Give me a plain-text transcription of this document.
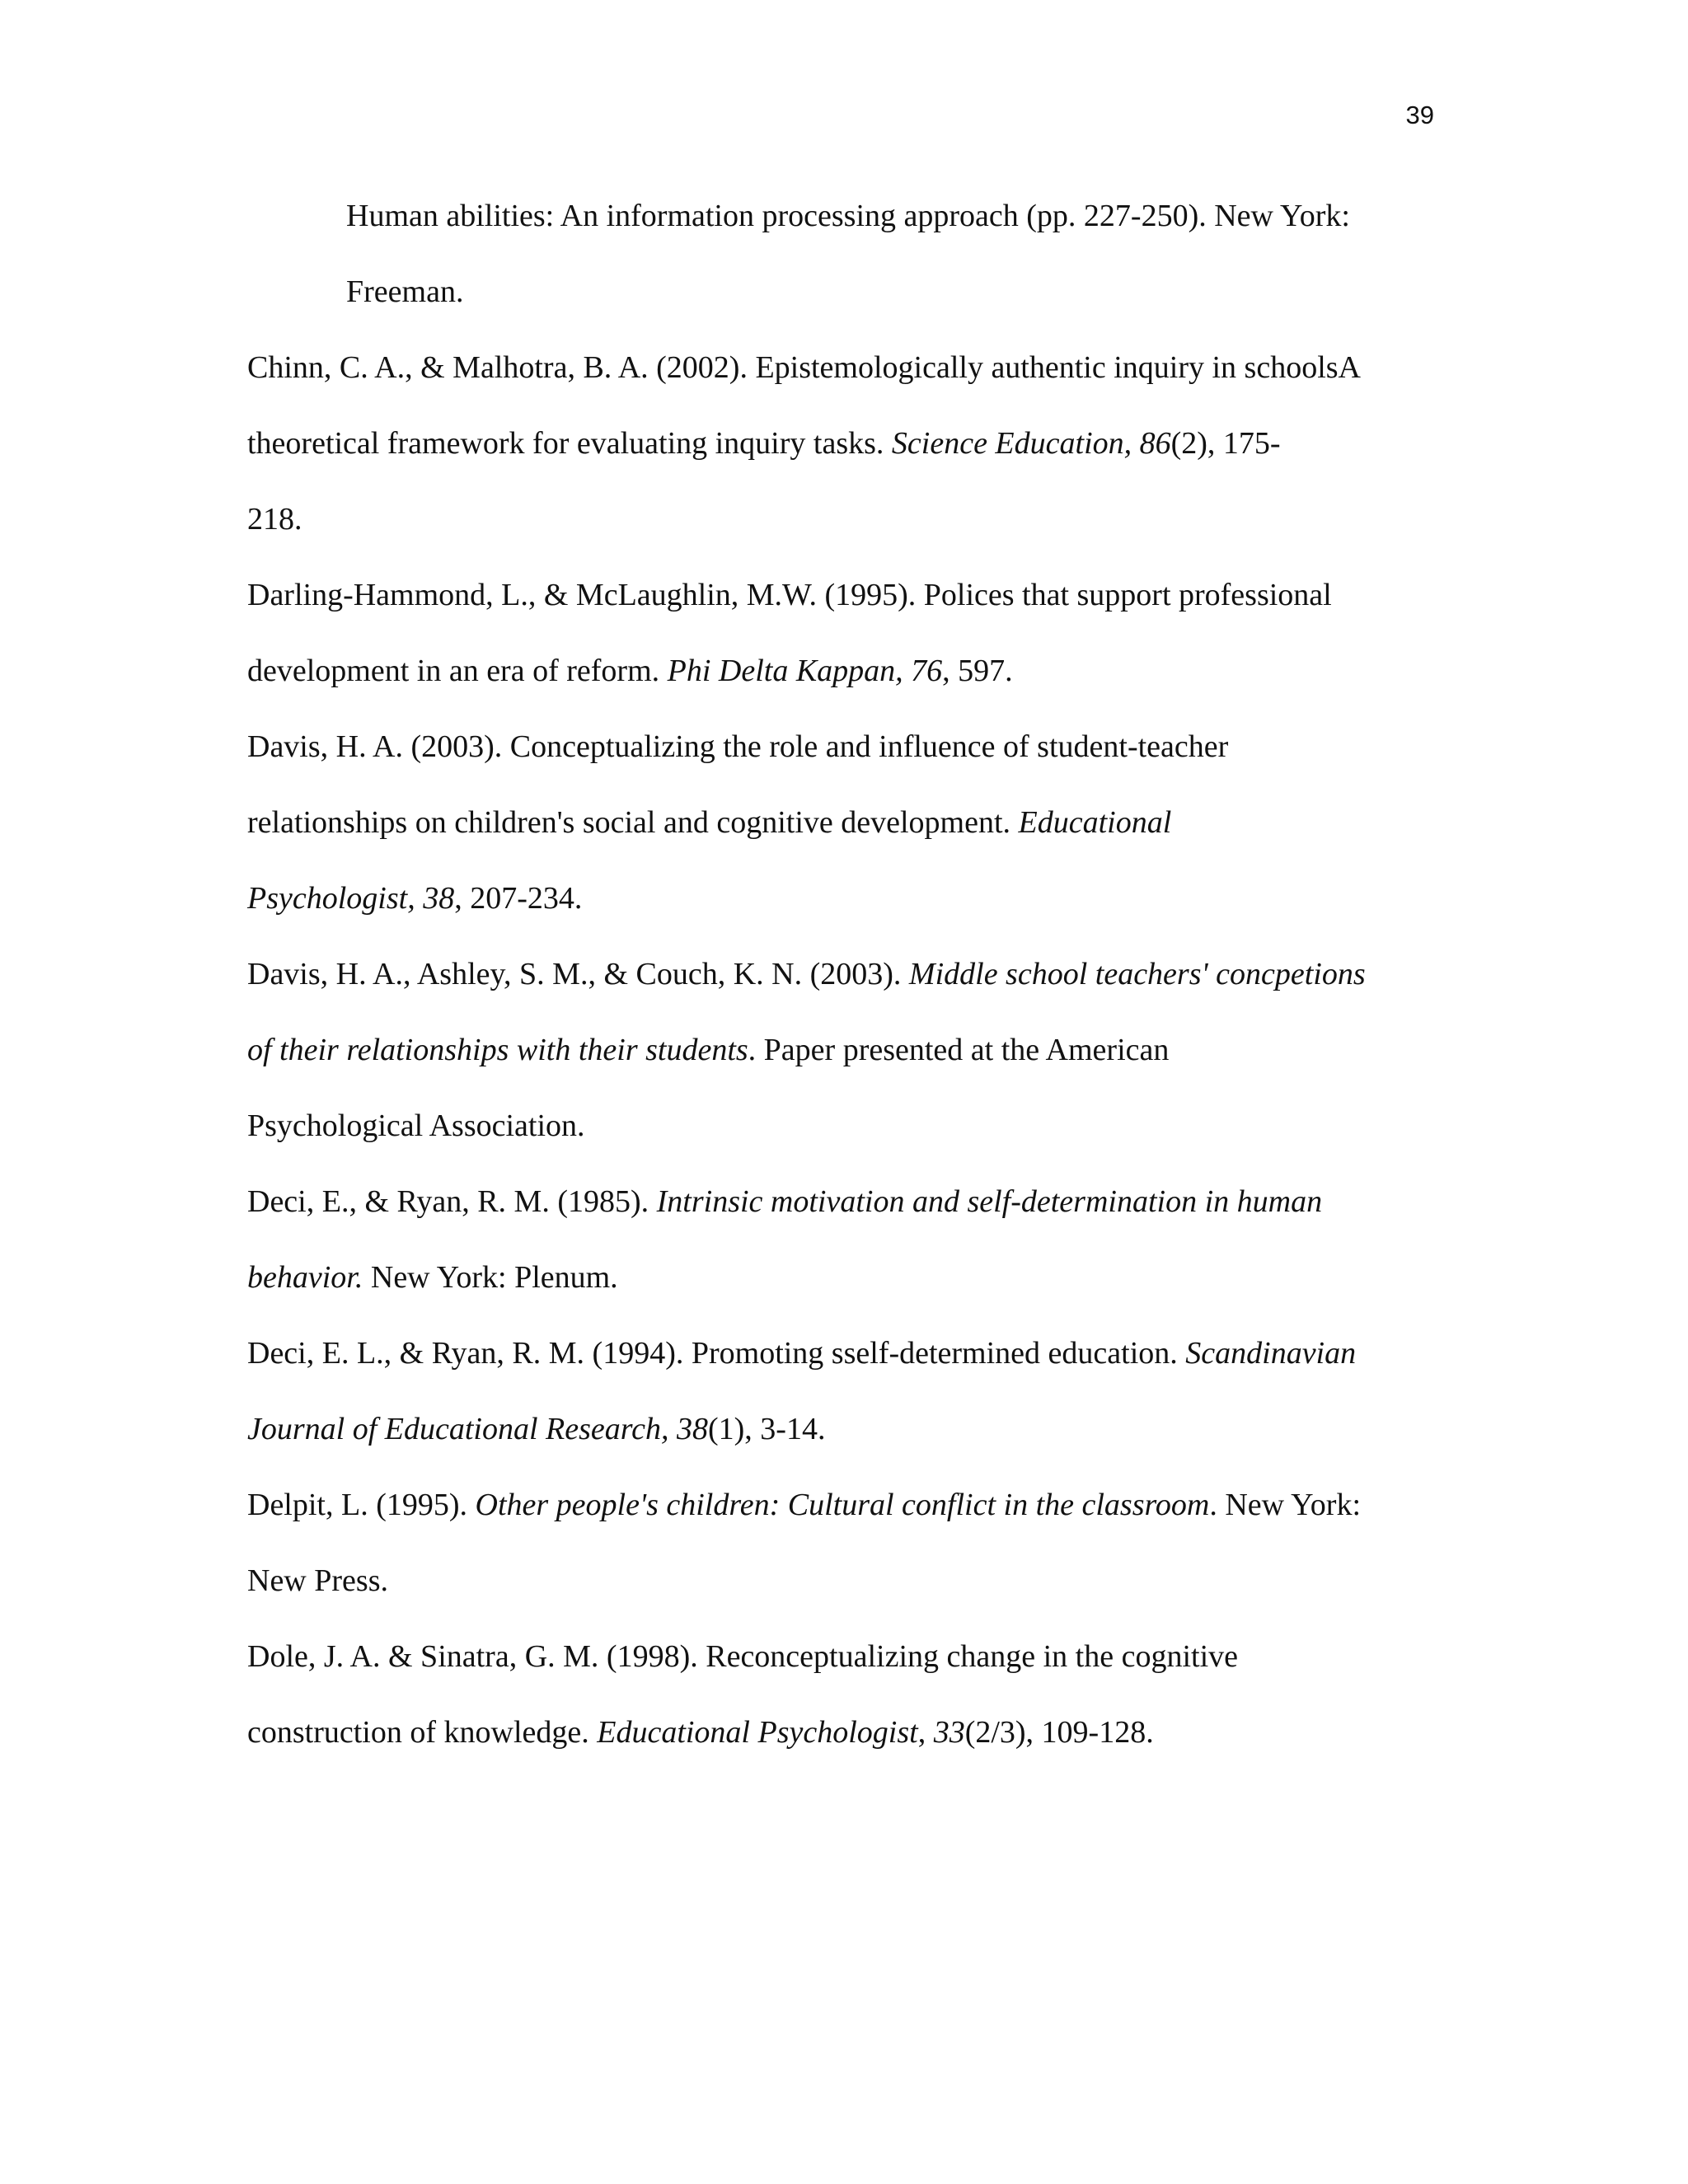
39

Human abilities: An information processing approach (pp. 227-250). New York:
Freeman.

Chinn, C. A., & Malhotra, B. A. (2002). Epistemologically authentic inquiry in schoolsA
theoretical framework for evaluating inquiry tasks. Science Education, 86(2), 175-
218.

Darling-Hammond, L., & McLaughlin, M.W. (1995). Polices that support professional
development in an era of reform. Phi Delta Kappan, 76, 597.

Davis, H. A. (2003). Conceptualizing the role and influence of student-teacher
relationships on children's social and cognitive development. Educational
Psychologist, 38, 207-234.

Davis, H. A., Ashley, S. M., & Couch, K. N. (2003). Middle school teachers' concpetions
of their relationships with their students. Paper presented at the American
Psychological Association.

Deci, E., & Ryan, R. M. (1985). Intrinsic motivation and self-determination in human
behavior. New York: Plenum.

Deci, E. L., & Ryan, R. M. (1994). Promoting sself-determined education. Scandinavian
Journal of Educational Research, 38(1), 3-14.

Delpit, L. (1995). Other people's children: Cultural conflict in the classroom. New York:
New Press.

Dole, J. A. & Sinatra, G. M. (1998). Reconceptualizing change in the cognitive
construction of knowledge. Educational Psychologist, 33(2/3), 109-128.
